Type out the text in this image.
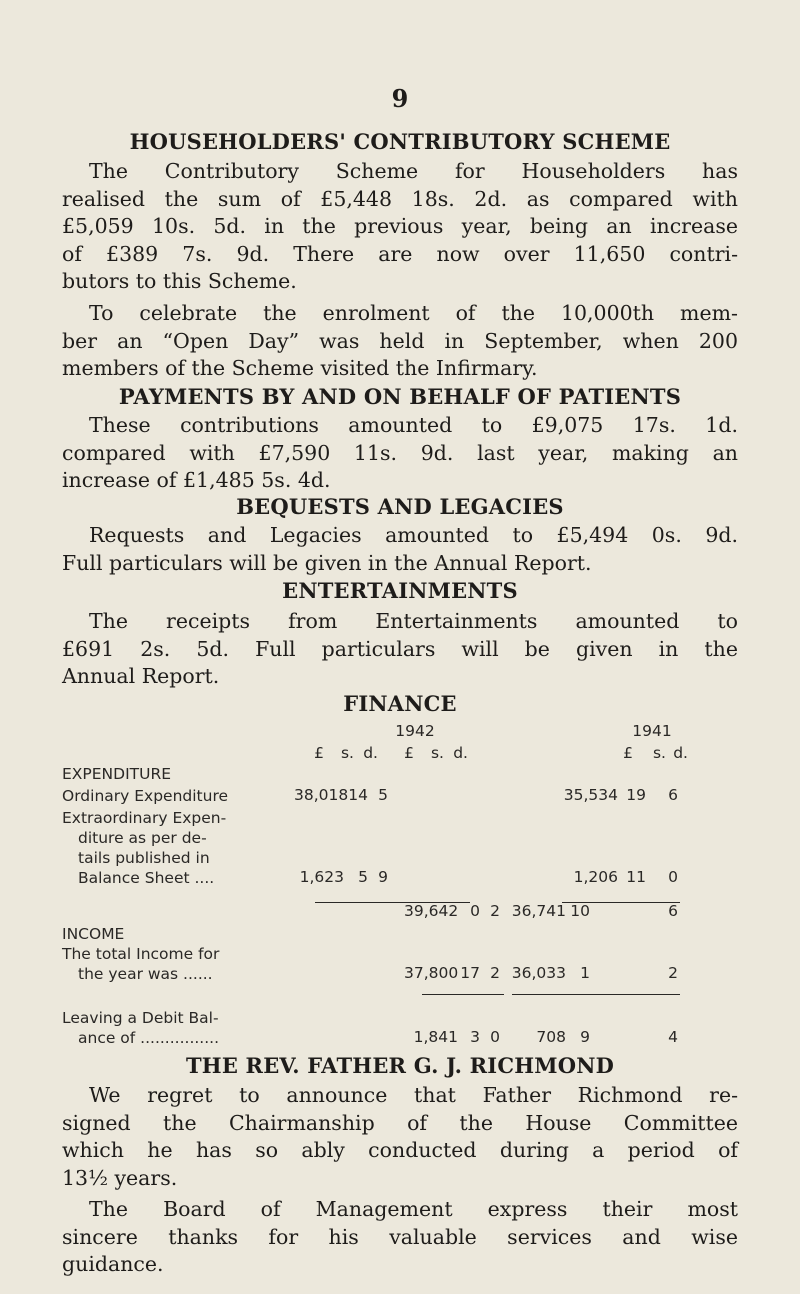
9
HOUSEHOLDERS' CONTRIBUTORY SCHEME
The Contributory Scheme for Householders has
realised the sum of £5,448 18s. 2d. as compared with
£5,059 10s. 5d. in the previous year, being an increase
of £389 7s. 9d. There are now over 11,650 contri-
butors to this Scheme.
To celebrate the enrolment of the 10,000th mem-
ber an “Open Day” was held in September, when 200
members of the Scheme visited the Infirmary.
PAYMENTS BY AND ON BEHALF OF PATIENTS
These contributions amounted to £9,075 17s. 1d.
compared with £7,590 11s. 9d. last year, making an
increase of £1,485 5s. 4d.
BEQUESTS AND LEGACIES
Requests and Legacies amounted to £5,494 0s. 9d.
Full particulars will be given in the Annual Report.
ENTERTAINMENTS
The receipts from Entertainments amounted to
£691 2s. 5d. Full particulars will be given in the
Annual Report.
FINANCE
1942	1941
£	s. d.	£	s. d.	£	s. d.
EXPENDITURE
Ordinary Expenditure	38,018 14 5	35,534 19	6
Extraordinary Expen-
diture as per de-
tails published in
Balance Sheet ....	1,623 5 9	1,206 11	0
39,642 0 2 36,741 10	6
INCOME
The total Income for
the year was ......	37,800 17 2 36,033 1	2
Leaving a Debit Bal-
ance of ................	1,841 3 0	708 9	4
THE REV. FATHER G. J. RICHMOND
We regret to announce that Father Richmond re-
signed the Chairmanship of the House Committee
which he has so ably conducted during a period of
13½ years.
The Board of Management express their most
sincere thanks for his valuable services and wise
guidance.
